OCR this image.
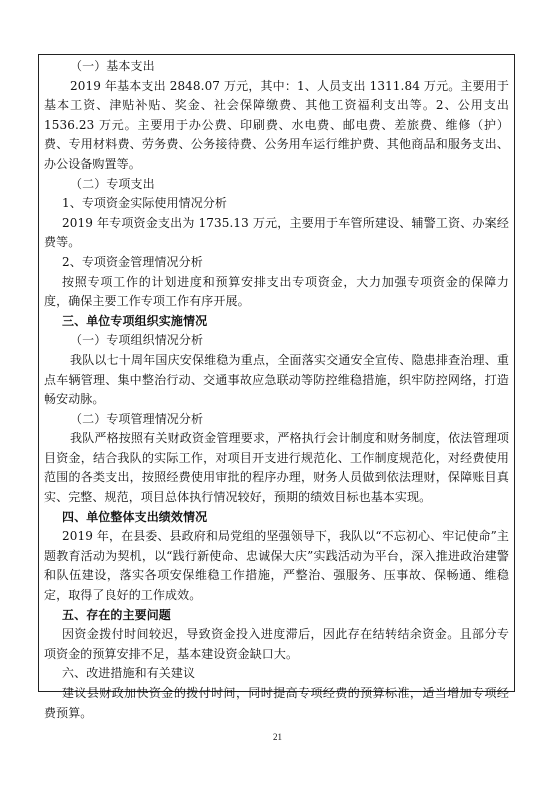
（一）基本支出

2019 年基本支出 2848.07 万元，其中：1、人员支出 1311.84 万元。主要用于基本工资、津贴补贴、奖金、社会保障缴费、其他工资福利支出等。2、公用支出 1536.23 万元。主要用于办公费、印刷费、水电费、邮电费、差旅费、维修（护）费、专用材料费、劳务费、公务接待费、公务用车运行维护费、其他商品和服务支出、办公设备购置等。

（二）专项支出

1、专项资金实际使用情况分析

2019 年专项资金支出为 1735.13 万元，主要用于车管所建设、辅警工资、办案经费等。

2、专项资金管理情况分析

按照专项工作的计划进度和预算安排支出专项资金，大力加强专项资金的保障力度，确保主要工作专项工作有序开展。

三、单位专项组织实施情况

（一）专项组织情况分析

我队以七十周年国庆安保维稳为重点，全面落实交通安全宣传、隐患排查治理、重点车辆管理、集中整治行动、交通事故应急联动等防控维稳措施，织牢防控网络，打造畅安动脉。

（二）专项管理情况分析

我队严格按照有关财政资金管理要求，严格执行会计制度和财务制度，依法管理项目资金，结合我队的实际工作，对项目开支进行规范化、工作制度规范化，对经费使用范围的各类支出，按照经费使用审批的程序办理，财务人员做到依法理财，保障账目真实、完整、规范，项目总体执行情况较好，预期的绩效目标也基本实现。

四、单位整体支出绩效情况

2019 年，在县委、县政府和局党组的坚强领导下，我队以“不忘初心、牢记使命”主题教育活动为契机，以“践行新使命、忠诚保大庆”实践活动为平台，深入推进政治建警和队伍建设，落实各项安保维稳工作措施，严整治、强服务、压事故、保畅通、维稳定，取得了良好的工作成效。

五、存在的主要问题

因资金拨付时间较迟，导致资金投入进度滞后，因此存在结转结余资金。且部分专项资金的预算安排不足，基本建设资金缺口大。

六、改进措施和有关建议

建议县财政加快资金的拨付时间，同时提高专项经费的预算标准，适当增加专项经费预算。

21
